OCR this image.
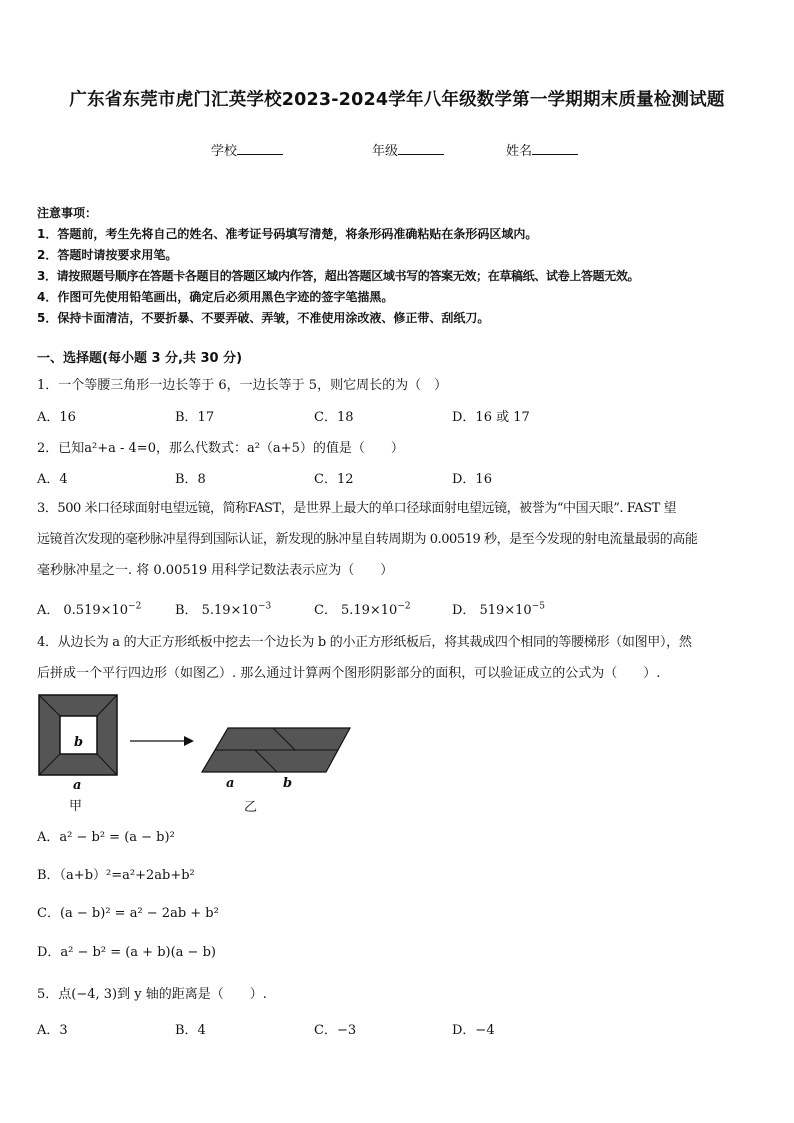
广东省东莞市虎门汇英学校2023-2024学年八年级数学第一学期期末质量检测试题
学校	年级	姓名
注意事项：
1．答题前，考生先将自己的姓名、准考证号码填写清楚，将条形码准确粘贴在条形码区域内。
2．答题时请按要求用笔。
3．请按照题号顺序在答题卡各题目的答题区域内作答，超出答题区域书写的答案无效；在草稿纸、试卷上答题无效。
4．作图可先使用铅笔画出，确定后必须用黑色字迹的签字笔描黑。
5．保持卡面清洁，不要折暴、不要弄破、弄皱，不准使用涂改液、修正带、刮纸刀。
一、选择题(每小题 3 分,共 30 分)
1．一个等腰三角形一边长等于 6，一边长等于 5，则它周长的为（　）
A．16	B．17	C．18	D．16 或 17
2．已知a²+a - 4=0，那么代数式：a²（a+5）的值是（　　）
A．4	B．8	C．12	D．16
3．500 米口径球面射电望远镜，简称FAST，是世界上最大的单口径球面射电望远镜，被誉为“中国天眼”. FAST 望
远镜首次发现的毫秒脉冲星得到国际认证，新发现的脉冲星自转周期为 0.00519 秒，是至今发现的射电流量最弱的高能
毫秒脉冲星之一. 将 0.00519 用科学记数法表示应为（　　）
A． $0.519\times 10^{-2}$	B． $5.19\times 10^{-3}$	C． $5.19\times 10^{-2}$	D． $519\times 10^{-5}$
4．从边长为 a 的大正方形纸板中挖去一个边长为 b 的小正方形纸板后，将其裁成四个相同的等腰梯形（如图甲），然
后拼成一个平行四边形（如图乙）. 那么通过计算两个图形阴影部分的面积，可以验证成立的公式为（　　）.
b
a
甲
a	b
乙
A．a² − b² = (a − b)²
B．（a+b）²=a²+2ab+b²
C．(a − b)² = a² − 2ab + b²
D．a² − b² = (a + b)(a − b)
5．点(−4, 3)到 y 轴的距离是（　　）.
A．3	B．4	C．−3	D．−4
